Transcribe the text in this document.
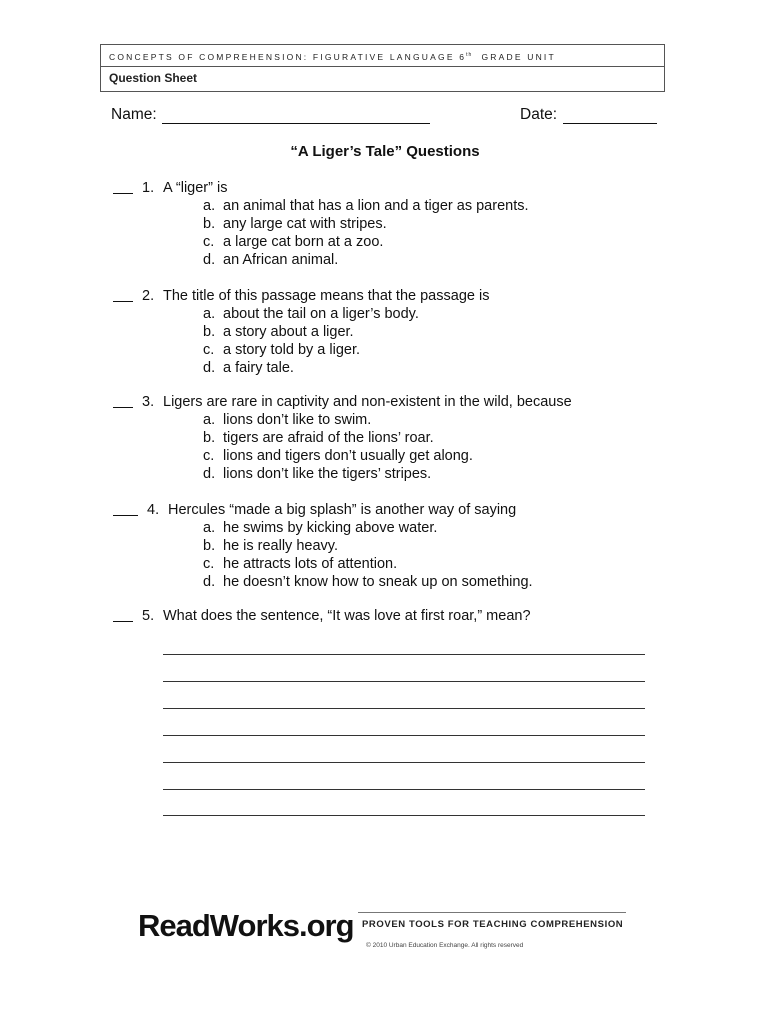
CONCEPTS OF COMPREHENSION: FIGURATIVE LANGUAGE 6th GRADE UNIT
Question Sheet
Name:	Date:
“A Liger’s Tale” Questions
1. A “liger” is
a. an animal that has a lion and a tiger as parents.
b. any large cat with stripes.
c. a large cat born at a zoo.
d. an African animal.
2. The title of this passage means that the passage is
a. about the tail on a liger’s body.
b. a story about a liger.
c. a story told by a liger.
d. a fairy tale.
3. Ligers are rare in captivity and non-existent in the wild, because
a. lions don’t like to swim.
b. tigers are afraid of the lions’ roar.
c. lions and tigers don’t usually get along.
d. lions don’t like the tigers’ stripes.
4. Hercules “made a big splash” is another way of saying
a. he swims by kicking above water.
b. he is really heavy.
c. he attracts lots of attention.
d. he doesn’t know how to sneak up on something.
5. What does the sentence, “It was love at first roar,” mean?
ReadWorks.org PROVEN TOOLS FOR TEACHING COMPREHENSION
© 2010 Urban Education Exchange. All rights reserved
